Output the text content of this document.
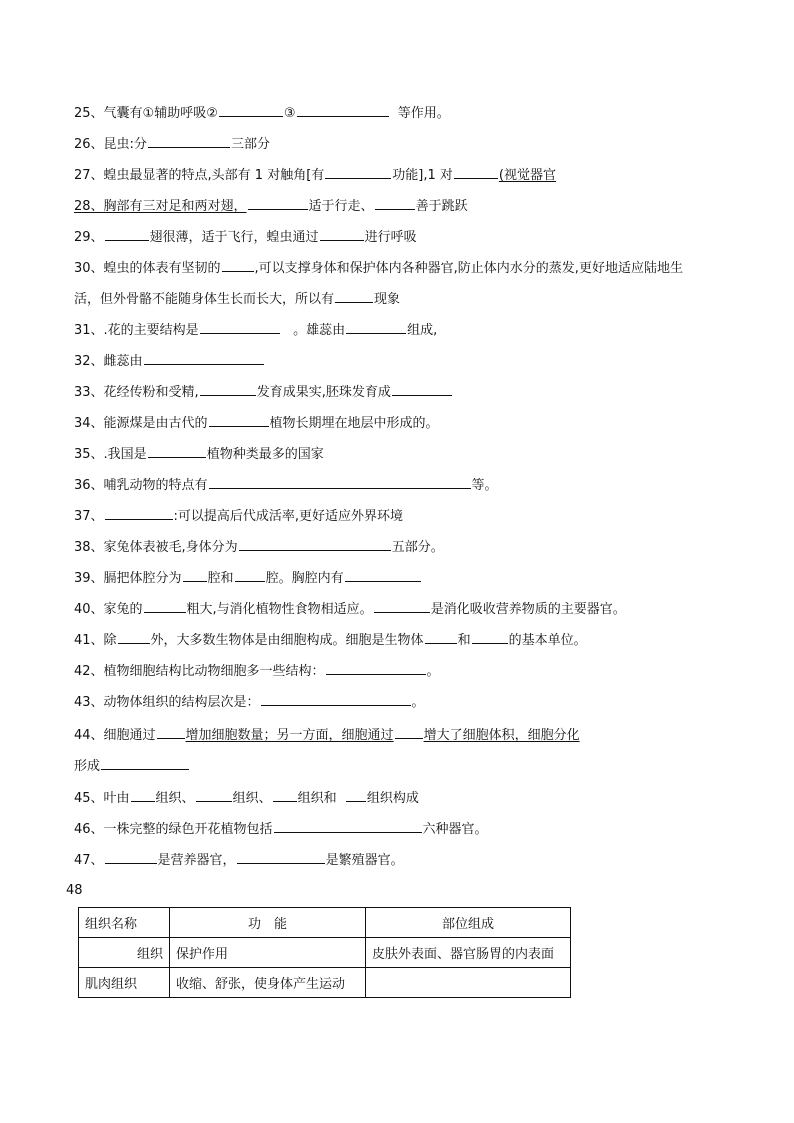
25、气囊有①辅助呼吸②	③	等作用。
26、昆虫:分	三部分
27、蝗虫最显著的特点,头部有 1 对触角[有	功能],1 对	(视觉器官
28、胸部有三对足和两对翅，	适于行走、	善于跳跃
29、	翅很薄，适于飞行，蝗虫通过	进行呼吸
30、蝗虫的体表有坚韧的	,可以支撑身体和保护体内各种器官,防止体内水分的蒸发,更好地适应陆地生
活，但外骨骼不能随身体生长而长大，所以有	现象
31、.花的主要结构是	。雄蕊由	组成,
32、雌蕊由
33、花经传粉和受精,	发育成果实,胚珠发育成
34、能源煤是由古代的	植物长期埋在地层中形成的。
35、.我国是	植物种类最多的国家
36、哺乳动物的特点有	等。
37、	:可以提高后代成活率,更好适应外界环境
38、家兔体表被毛,身体分为	五部分。
39、膈把体腔分为 腔和 腔。胸腔内有
40、家兔的	粗大,与消化植物性食物相适应。	是消化吸收营养物质的主要器官。
41、除	外，大多数生物体是由细胞构成。细胞是生物体	和	的基本单位。
42、植物细胞结构比动物细胞多一些结构：	。
43、动物体组织的结构层次是：	。
44、细胞通过 增加细胞数量；另一方面，细胞通过 增大了细胞体积，细胞分化
形成
45、叶由 组织、	组织、 组织和 组织构成
46、一株完整的绿色开花植物包括	六种器官。
47、	是营养器官，	是繁殖器官。
48
组织名称	功　能	部位组成
组织	保护作用	皮肤外表面、器官肠胃的内表面
肌肉组织	收缩、舒张，使身体产生运动	
